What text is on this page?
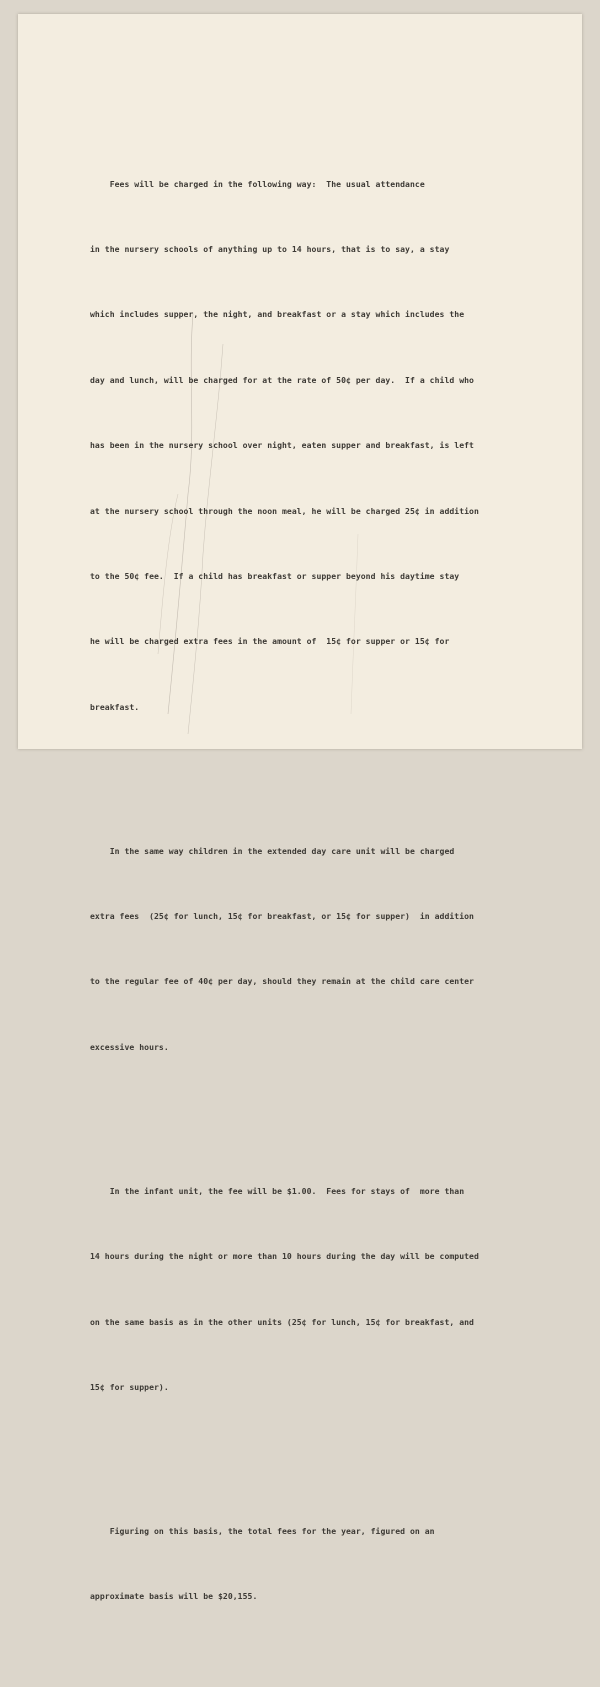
Fees will be charged in the following way:  The usual attendance

in the nursery schools of anything up to 14 hours, that is to say, a stay

which includes supper, the night, and breakfast or a stay which includes the

day and lunch, will be charged for at the rate of 50¢ per day.  If a child who

has been in the nursery school over night, eaten supper and breakfast, is left

at the nursery school through the noon meal, he will be charged 25¢ in addition

to the 50¢ fee.  If a child has breakfast or supper beyond his daytime stay

he will be charged extra fees in the amount of  15¢ for supper or 15¢ for

breakfast.

In the same way children in the extended day care unit will be charged

extra fees  (25¢ for lunch, 15¢ for breakfast, or 15¢ for supper)  in addition

to the regular fee of 40¢ per day, should they remain at the child care center

excessive hours.

In the infant unit, the fee will be $1.00.  Fees for stays of  more than

14 hours during the night or more than 10 hours during the day will be computed

on the same basis as in the other units (25¢ for lunch, 15¢ for breakfast, and

15¢ for supper).

Figuring on this basis, the total fees for the year, figured on an

approximate basis will be $20,155.
